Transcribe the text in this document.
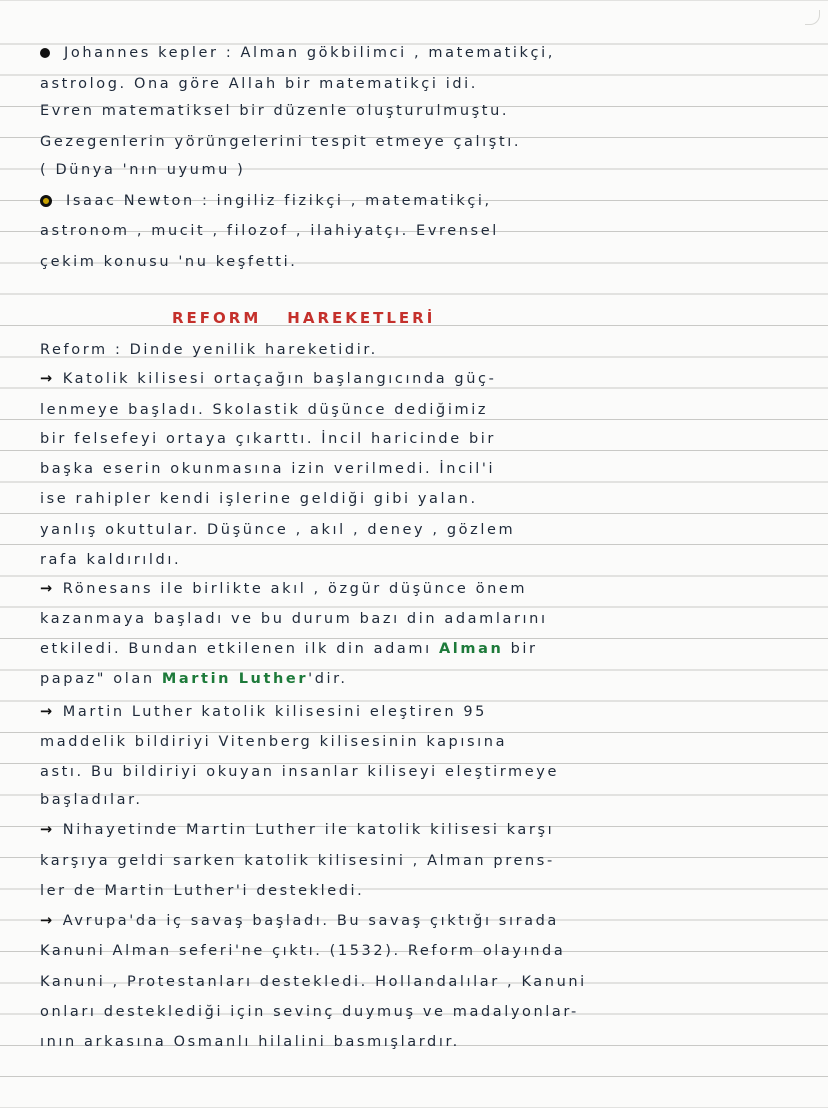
Johannes kepler : Alman gökbilimci , matematikçi,
astrolog. Ona göre Allah bir matematikçi idi.
Evren matematiksel bir düzenle oluşturulmuştu.
Gezegenlerin yörüngelerini tespit etmeye çalıştı.
( Dünya 'nın uyumu )
Isaac Newton : ingiliz fizikçi , matematikçi,
astronom , mucit , filozof , ilahiyatçı. Evrensel
çekim konusu 'nu keşfetti.
REFORM HAREKETLERİ
Reform : Dinde yenilik hareketidir.
→ Katolik kilisesi ortaçağın başlangıcında güç-
lenmeye başladı. Skolastik düşünce dediğimiz
bir felsefeyi ortaya çıkarttı. İncil haricinde bir
başka eserin okunmasına izin verilmedi. İncil'i
ise rahipler kendi işlerine geldiği gibi yalan.
yanlış okuttular. Düşünce , akıl , deney , gözlem
rafa kaldırıldı.
→ Rönesans ile birlikte akıl , özgür düşünce önem
kazanmaya başladı ve bu durum bazı din adamlarını
etkiledi. Bundan etkilenen ilk din adamı Alman bir
papaz" olan Martin Luther'dir.
→ Martin Luther katolik kilisesini eleştiren 95
maddelik bildiriyi Vitenberg kilisesinin kapısına
astı. Bu bildiriyi okuyan insanlar kiliseyi eleştirmeye
başladılar.
→ Nihayetinde Martin Luther ile katolik kilisesi karşı
karşıya geldi sarken katolik kilisesini , Alman prens-
ler de Martin Luther'i destekledi.
→ Avrupa'da iç savaş başladı. Bu savaş çıktığı sırada
Kanuni Alman seferi'ne çıktı. (1532). Reform olayında
Kanuni , Protestanları destekledi. Hollandalılar , Kanuni
onları desteklediği için sevinç duymuş ve madalyonlar-
ının arkasına Osmanlı hilalini basmışlardır.
